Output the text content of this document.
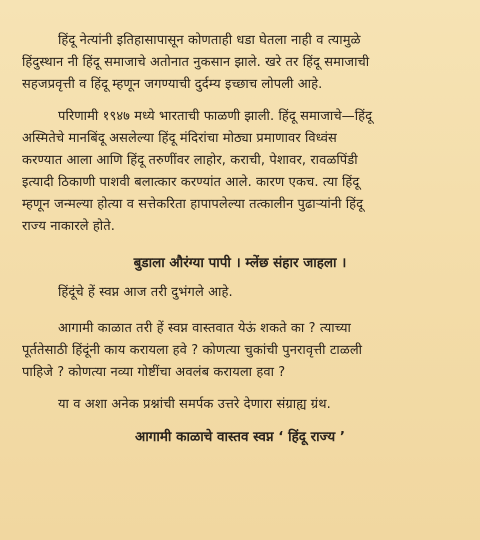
हिंदू नेत्यांनी इतिहासापासून कोणताही धडा घेतला नाही व त्यामुळे
हिंदुस्थान नी हिंदू समाजाचे अतोनात नुकसान झाले. खरे तर हिंदू समाजाची
सहजप्रवृत्ती व हिंदू म्हणून जगण्याची दुर्दम्य इच्छाच लोपली आहे.

परिणामी १९४७ मध्ये भारताची फाळणी झाली. हिंदू समाजाचे—हिंदू
अस्मितेचे मानबिंदू असलेल्या हिंदू मंदिरांचा मोठ्या प्रमाणावर विध्वंस
करण्यात आला आणि हिंदू तरुणींवर लाहोर, कराची, पेशावर, रावळपिंडी
इत्यादी ठिकाणी पाशवी बलात्कार करण्यांत आले. कारण एकच. त्या हिंदू
म्हणून जन्मल्या होत्या व सत्तेकरिता हापापलेल्या तत्कालीन पुढाऱ्यांनी हिंदू
राज्य नाकारले होते.

बुडाला औरंग्या पापी । म्लेंछ संहार जाहला ।

हिंदूंचे हें स्वप्न आज तरी दुभंगले आहे.

आगामी काळात तरी हें स्वप्न वास्तवात येऊं शकते का ? त्याच्या
पूर्ततेसाठी हिंदूंनी काय करायला हवे ? कोणत्या चुकांची पुनरावृत्ती टाळली
पाहिजे ? कोणत्या नव्या गोष्टींचा अवलंब करायला हवा ?

या व अशा अनेक प्रश्नांची समर्पक उत्तरे देणारा संग्राह्य ग्रंथ.

आगामी काळाचे वास्तव स्वप्न ‘ हिंदू राज्य ’
